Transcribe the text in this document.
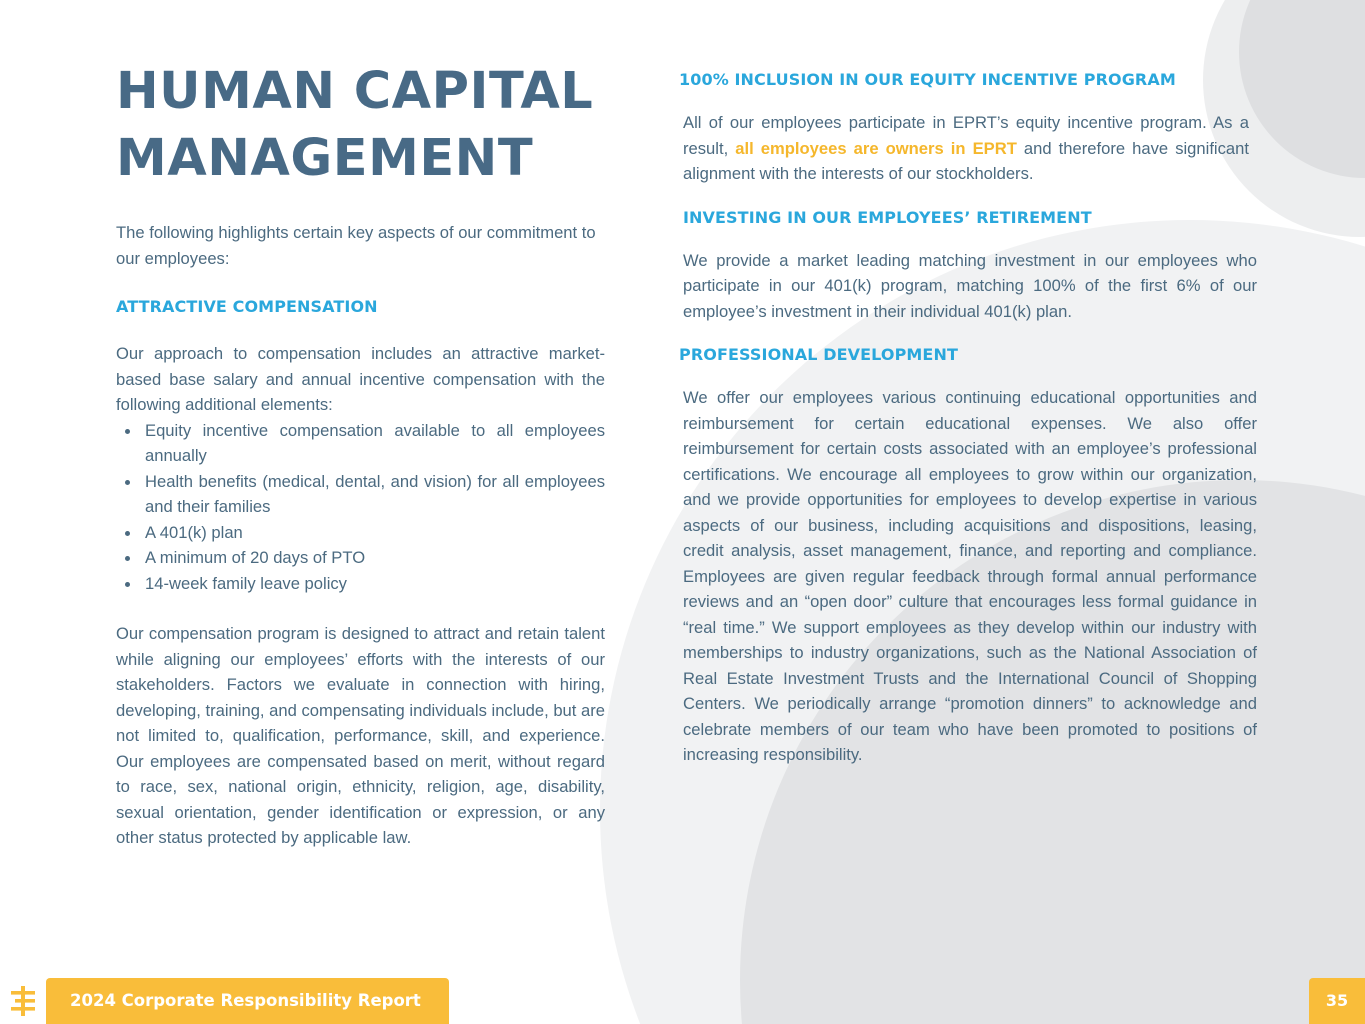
HUMAN CAPITAL
MANAGEMENT

The following highlights certain key aspects of our commitment to our employees:

ATTRACTIVE COMPENSATION

Our approach to compensation includes an attractive market-based base salary and annual incentive compensation with the following additional elements:

Equity incentive compensation available to all employees annually
Health benefits (medical, dental, and vision) for all employees and their families
A 401(k) plan
A minimum of 20 days of PTO
14-week family leave policy

Our compensation program is designed to attract and retain talent while aligning our employees’ efforts with the interests of our stakeholders. Factors we evaluate in connection with hiring, developing, training, and compensating individuals include, but are not limited to, qualification, performance, skill, and experience. Our employees are compensated based on merit, without regard to race, sex, national origin, ethnicity, religion, age, disability, sexual orientation, gender identification or expression, or any other status protected by applicable law.

100% INCLUSION IN OUR EQUITY INCENTIVE PROGRAM

All of our employees participate in EPRT’s equity incentive program. As a result, all employees are owners in EPRT and therefore have significant alignment with the interests of our stockholders.

INVESTING IN OUR EMPLOYEES’ RETIREMENT

We provide a market leading matching investment in our employees who participate in our 401(k) program, matching 100% of the first 6% of our employee’s investment in their individual 401(k) plan.

PROFESSIONAL DEVELOPMENT

We offer our employees various continuing educational opportunities and reimbursement for certain educational expenses. We also offer reimbursement for certain costs associated with an employee’s professional certifications. We encourage all employees to grow within our organization, and we provide opportunities for employees to develop expertise in various aspects of our business, including acquisitions and dispositions, leasing, credit analysis, asset management, finance, and reporting and compliance. Employees are given regular feedback through formal annual performance reviews and an “open door” culture that encourages less formal guidance in “real time.” We support employees as they develop within our industry with memberships to industry organizations, such as the National Association of Real Estate Investment Trusts and the International Council of Shopping Centers. We periodically arrange “promotion dinners” to acknowledge and celebrate members of our team who have been promoted to positions of increasing responsibility.

2024 Corporate Responsibility Report	35
